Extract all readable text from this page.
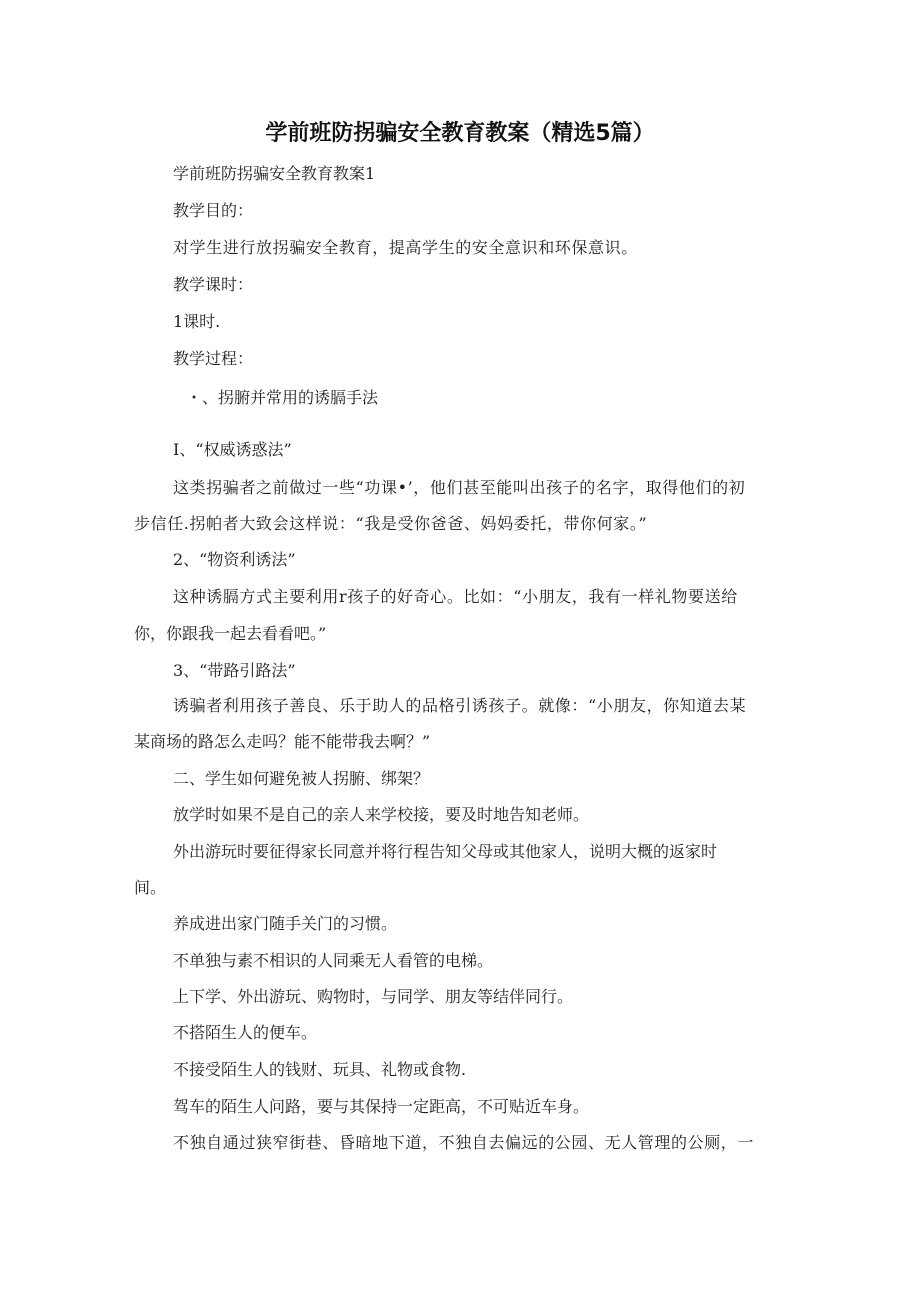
学前班防拐骗安全教育教案（精选5篇）
学前班防拐骗安全教育教案1
教学目的：
对学生进行放拐骗安全教育，提高学生的安全意识和环保意识。
教学课时：
1课时.
教学过程：
・、拐腑并常用的诱膈手法
I、“权威诱惑法”
这类拐骗者之前做过一些“功课•’，他们甚至能叫出孩子的名字，取得他们的初
步信任.拐帕者大致会这样说：“我是受你爸爸、妈妈委托，带你何家。”
2、“物资利诱法”
这种诱膈方式主要利用r孩子的好奇心。比如：“小朋友，我有一样礼物要送给
你，你跟我一起去看看吧。”
3、“带路引路法”
诱骗者利用孩子善良、乐于助人的品格引诱孩子。就像：“小朋友，你知道去某
某商场的路怎么走吗？能不能带我去啊？”
二、学生如何避免被人拐腑、绑架？
放学时如果不是自己的亲人来学校接，要及时地告知老师。
外出游玩时要征得家长同意并将行程告知父母或其他家人，说明大概的返家时
间。
养成进出家门随手关门的习惯。
不单独与素不相识的人同乘无人看管的电梯。
上下学、外出游玩、购物时，与同学、朋友等结伴同行。
不搭陌生人的便车。
不接受陌生人的钱财、玩具、礼物或食物.
驾车的陌生人问路，要与其保持一定距高，不可贴近车身。
不独自通过狭窄街巷、昏暗地下道，不独自去偏远的公园、无人管理的公厕，一
